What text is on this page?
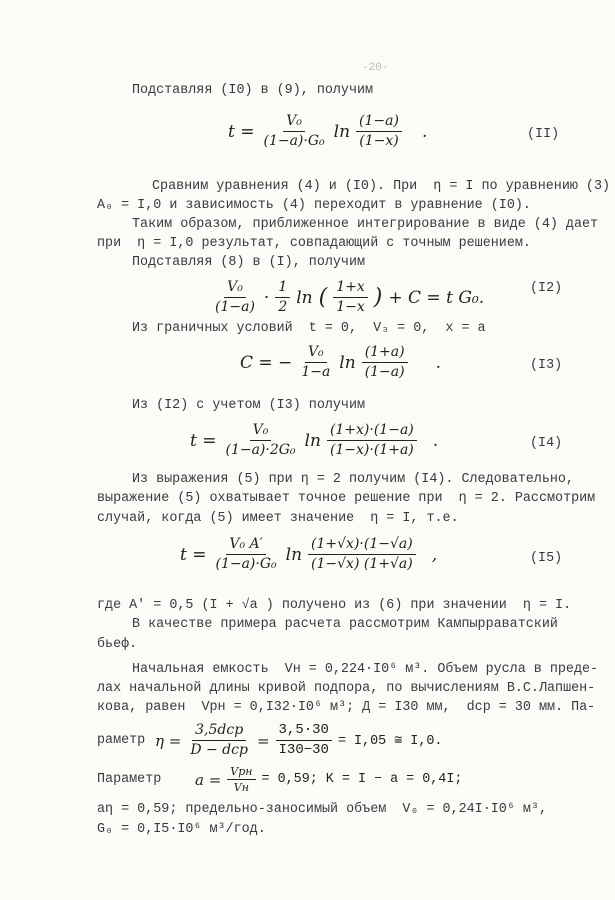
-20-
Подставляя (I0) в (9), получим
$t = \frac{\text{V₀}}{\text{(1−a)·G₀}}$ $\ln \frac{(1-a)}{(1-x)}$ .	(II)
Сравним уравнения (4) и (I0). При  η = I по уравнению (3)
A₀ = I,0 и зависимость (4) переходит в уравнение (I0).
Таким образом, приближенное интегрирование в виде (4) дает
при  η = I,0 результат, совпадающий с точным решением.
Подставляя (8) в (I), получим
$\frac{\text{V₀}}{(1-a)} \cdot \frac{1}{2}$ ln ( $\frac{1+x}{1-x}$ ) + C = t G₀.	(I2)
Из граничных условий  t = 0,  V₃ = 0,  x = a
C = − $\frac{\text{V₀}}{1-a}$ $\ln \frac{(1+a)}{(1-a)}$ .	(I3)
Из (I2) с учетом (I3) получим
$t = \frac{\text{V₀}}{\text{(1−a)·2G₀}}$ $\ln \frac{(1+x)\cdot(1-a)}{(1-x)\cdot(1+a)}$ .	(I4)
Из выражения (5) при η = 2 получим (I4). Следовательно,
выражение (5) охватывает точное решение при  η = 2. Рассмотрим
случай, когда (5) имеет значение  η = I, т.е.
$t = \frac{\text{V₀ A′}}{\text{(1−a)·G₀}}$ $\ln \frac{(1+√x)\cdot(1-√a)}{(1-√x) (1+√a)}$ ,	(I5)
где A′ = 0,5 (I + √a ) получено из (6) при значении  η = I.
В качестве примера расчета рассмотрим Кампырраватский
бьеф.
Начальная емкость  Vн = 0,224·I0⁶ м³. Объем русла в преде-
лах начальной длины кривой подпора, по вычислениям В.С.Лапшен-
кова, равен  Vрн = 0,I32·I0⁶ м³; Д = I30 мм,  dср = 30 мм. Па-
раметр $\eta = \frac{\text{3,5dср}}{\text{D − dср}} = \frac{3,5\cdot 30}{I30-30} = I,05$ ≅ I,0.
Параметр $a = \frac{\text{Vрн}}{Vн} = 0,59$; K = I − a = 0,4I;
aη = 0,59; предельно-заносимый объем  V₀ = 0,24I·I0⁶ м³,
G₀ = 0,I5·I0⁶ м³/год.
